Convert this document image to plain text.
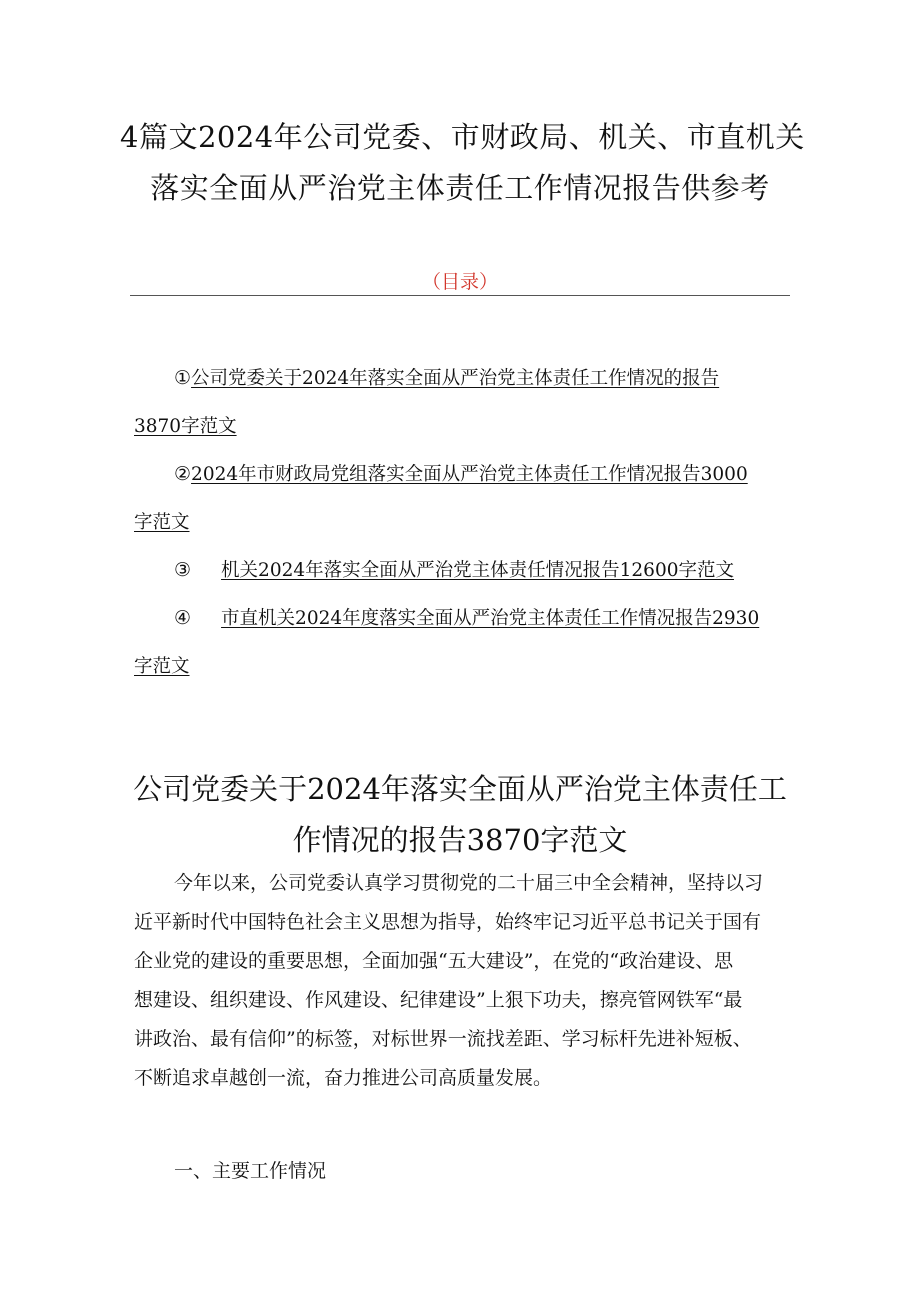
4篇文2024年公司党委、市财政局、机关、市直机关
落实全面从严治党主体责任工作情况报告供参考
（目录）
①公司党委关于2024年落实全面从严治党主体责任工作情况的报告
3870字范文
②2024年市财政局党组落实全面从严治党主体责任工作情况报告3000
字范文
③ 机关2024年落实全面从严治党主体责任情况报告12600字范文
④ 市直机关2024年度落实全面从严治党主体责任工作情况报告2930
字范文
公司党委关于2024年落实全面从严治党主体责任工
作情况的报告3870字范文

今年以来，公司党委认真学习贯彻党的二十届三中全会精神，坚持以习
近平新时代中国特色社会主义思想为指导，始终牢记习近平总书记关于国有
企业党的建设的重要思想，全面加强“五大建设”，在党的“政治建设、思
想建设、组织建设、作风建设、纪律建设”上狠下功夫，擦亮管网铁军“最
讲政治、最有信仰”的标签，对标世界一流找差距、学习标杆先进补短板、
不断追求卓越创一流，奋力推进公司高质量发展。

一、主要工作情况
